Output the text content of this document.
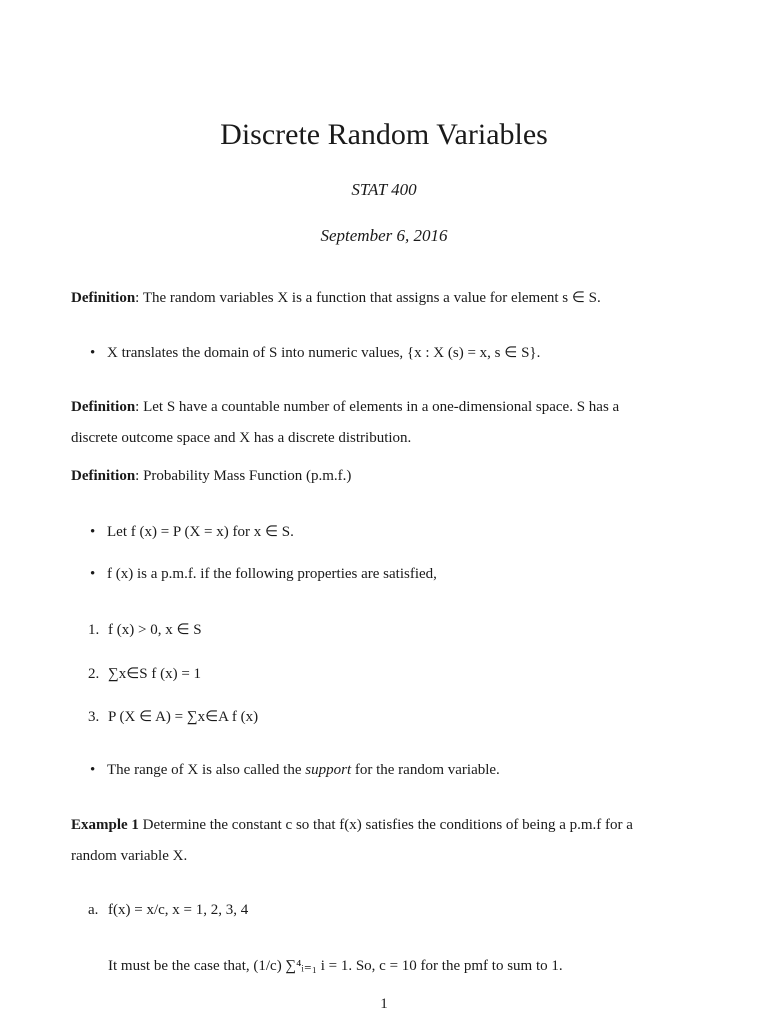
Discrete Random Variables
STAT 400
September 6, 2016
Definition: The random variables X is a function that assigns a value for element s ∈ S.
• X translates the domain of S into numeric values, {x : X (s) = x, s ∈ S}.
Definition: Let S have a countable number of elements in a one-dimensional space. S has a
discrete outcome space and X has a discrete distribution.
Definition: Probability Mass Function (p.m.f.)
• Let f (x) = P (X = x) for x ∈ S.
• f (x) is a p.m.f. if the following properties are satisfied,
1. f (x) > 0, x ∈ S
2. ∑x∈S f (x) = 1
3. P (X ∈ A) = ∑x∈A f (x)
• The range of X is also called the support for the random variable.
Example 1 Determine the constant c so that f(x) satisfies the conditions of being a p.m.f for a
random variable X.
a. f(x) = x/c, x = 1, 2, 3, 4
It must be the case that, (1/c) ∑⁴ᵢ₌₁ i = 1. So, c = 10 for the pmf to sum to 1.
1
